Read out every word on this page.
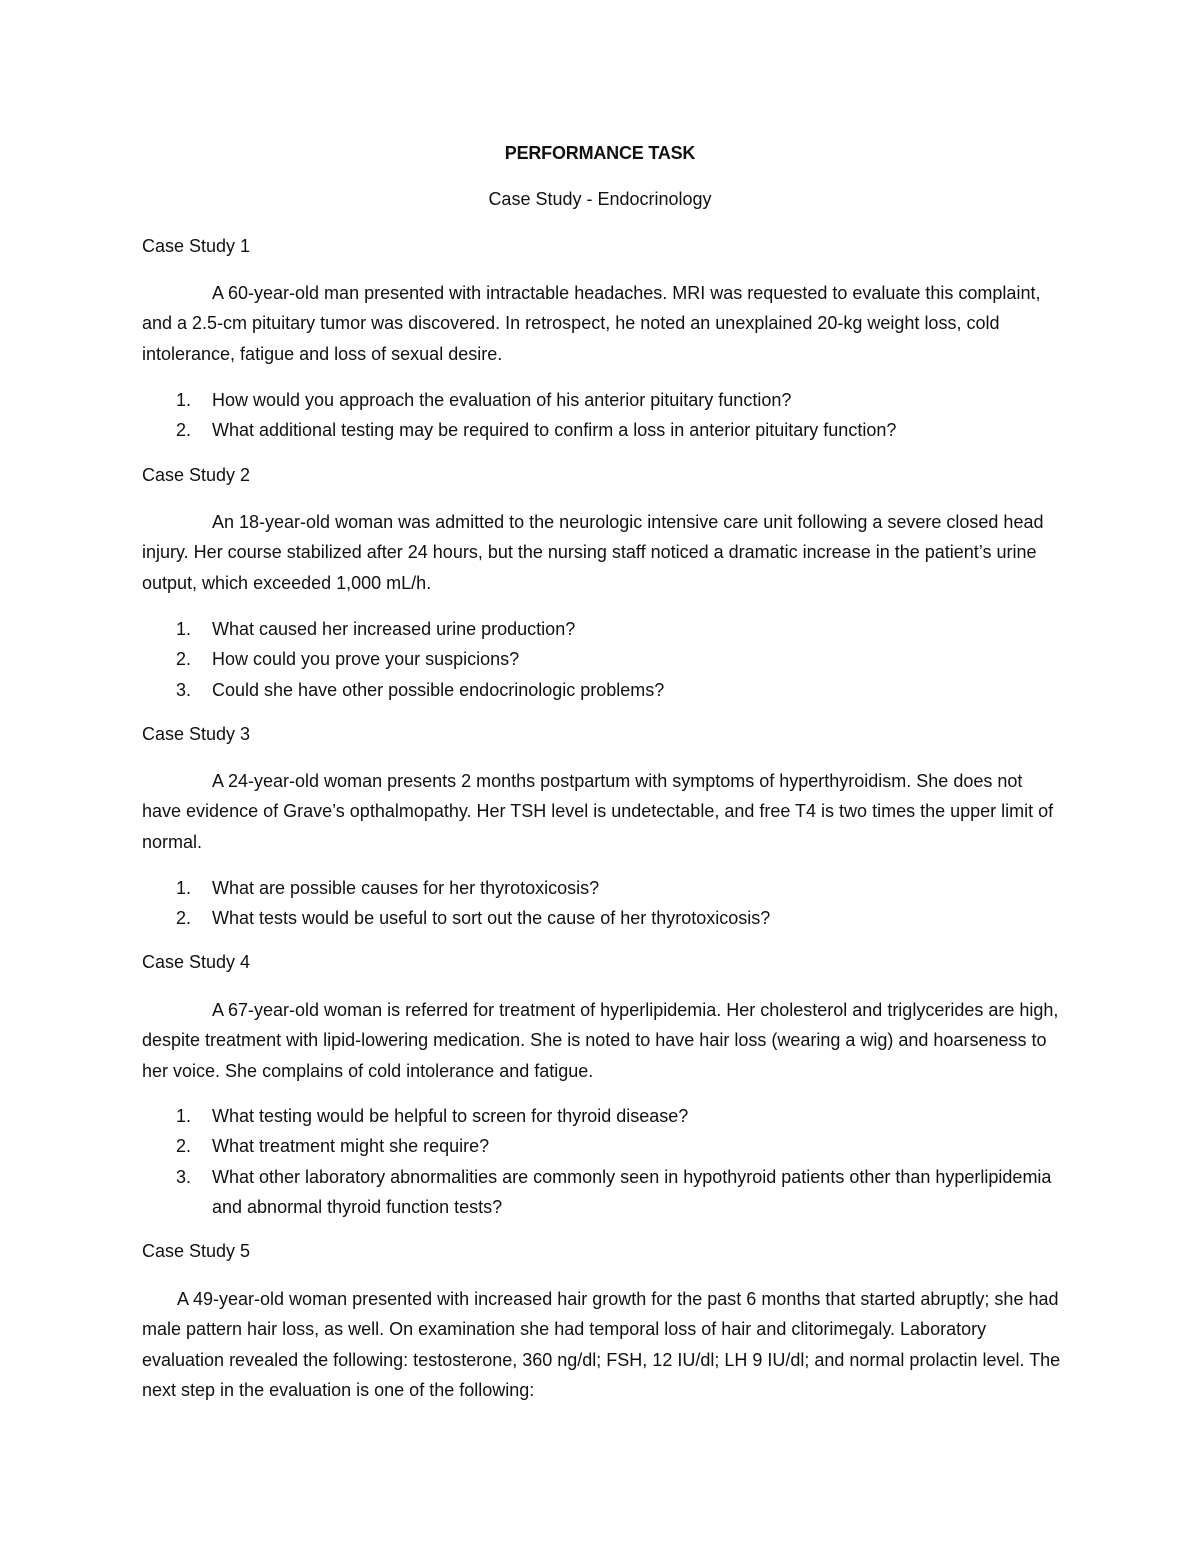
PERFORMANCE TASK
Case Study - Endocrinology
Case Study 1

A 60-year-old man presented with intractable headaches. MRI was requested to evaluate this complaint, and a 2.5-cm pituitary tumor was discovered. In retrospect, he noted an unexplained 20-kg weight loss, cold intolerance, fatigue and loss of sexual desire.

1. How would you approach the evaluation of his anterior pituitary function?
2. What additional testing may be required to confirm a loss in anterior pituitary function?
Case Study 2

An 18-year-old woman was admitted to the neurologic intensive care unit following a severe closed head injury. Her course stabilized after 24 hours, but the nursing staff noticed a dramatic increase in the patient’s urine output, which exceeded 1,000 mL/h.

1. What caused her increased urine production?
2. How could you prove your suspicions?
3. Could she have other possible endocrinologic problems?
Case Study 3

A 24-year-old woman presents 2 months postpartum with symptoms of hyperthyroidism. She does not have evidence of Grave’s opthalmopathy. Her TSH level is undetectable, and free T4 is two times the upper limit of normal.

1. What are possible causes for her thyrotoxicosis?
2. What tests would be useful to sort out the cause of her thyrotoxicosis?
Case Study 4

A 67-year-old woman is referred for treatment of hyperlipidemia. Her cholesterol and triglycerides are high, despite treatment with lipid-lowering medication. She is noted to have hair loss (wearing a wig) and hoarseness to her voice. She complains of cold intolerance and fatigue.

1. What testing would be helpful to screen for thyroid disease?
2. What treatment might she require?
3. What other laboratory abnormalities are commonly seen in hypothyroid patients other than hyperlipidemia and abnormal thyroid function tests?
Case Study 5

A 49-year-old woman presented with increased hair growth for the past 6 months that started abruptly; she had male pattern hair loss, as well. On examination she had temporal loss of hair and clitorimegaly. Laboratory evaluation revealed the following: testosterone, 360 ng/dl; FSH, 12 IU/dl; LH 9 IU/dl; and normal prolactin level. The next step in the evaluation is one of the following:
